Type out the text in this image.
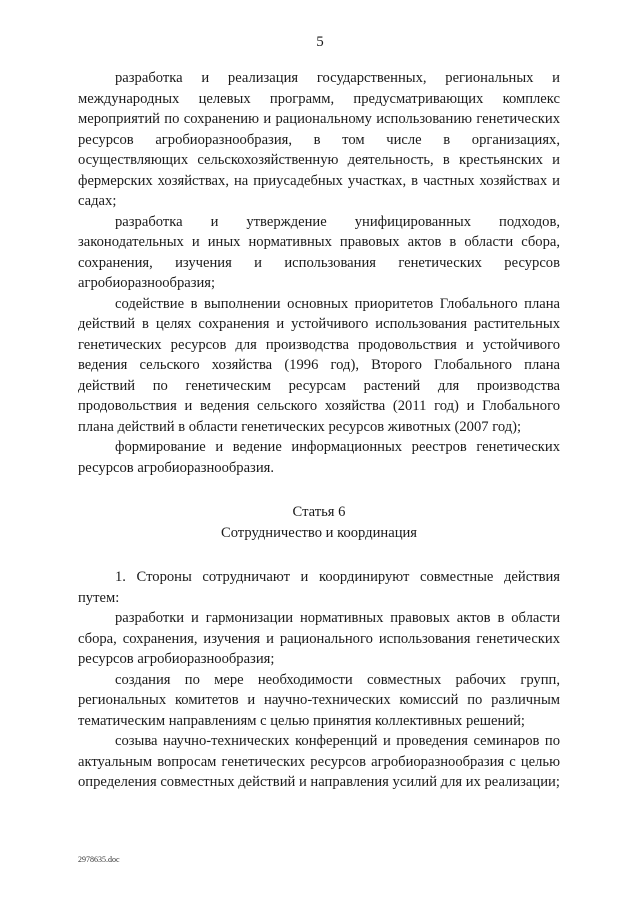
5

разработка и реализация государственных, региональных и международных целевых программ, предусматривающих комплекс мероприятий по сохранению и рациональному использованию генетических ресурсов агробиоразнообразия, в том числе в организациях, осуществляющих сельскохозяйственную деятельность, в крестьянских и фермерских хозяйствах, на приусадебных участках, в частных хозяйствах и садах;

разработка и утверждение унифицированных подходов, законодательных и иных нормативных правовых актов в области сбора, сохранения, изучения и использования генетических ресурсов агробиоразнообразия;

содействие в выполнении основных приоритетов Глобального плана действий в целях сохранения и устойчивого использования растительных генетических ресурсов для производства продовольствия и устойчивого ведения сельского хозяйства (1996 год), Второго Глобального плана действий по генетическим ресурсам растений для производства продовольствия и ведения сельского хозяйства (2011 год) и Глобального плана действий в области генетических ресурсов животных (2007 год);

формирование и ведение информационных реестров генетических ресурсов агробиоразнообразия.

Статья 6
Сотрудничество и координация

1. Стороны сотрудничают и координируют совместные действия путем:

разработки и гармонизации нормативных правовых актов в области сбора, сохранения, изучения и рационального использования генетических ресурсов агробиоразнообразия;

создания по мере необходимости совместных рабочих групп, региональных комитетов и научно-технических комиссий по различным тематическим направлениям с целью принятия коллективных решений;

созыва научно-технических конференций и проведения семинаров по актуальным вопросам генетических ресурсов агробиоразнообразия с целью определения совместных действий и направления усилий для их реализации;

2978635.doc
